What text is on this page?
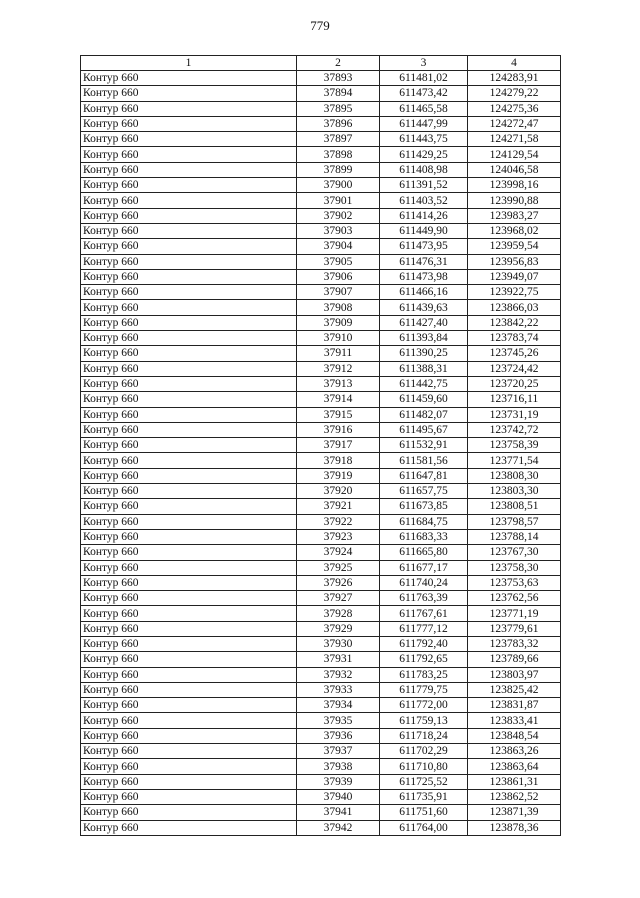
779
1	2	3	4
Контур 660	37893	611481,02	124283,91
Контур 660	37894	611473,42	124279,22
Контур 660	37895	611465,58	124275,36
Контур 660	37896	611447,99	124272,47
Контур 660	37897	611443,75	124271,58
Контур 660	37898	611429,25	124129,54
Контур 660	37899	611408,98	124046,58
Контур 660	37900	611391,52	123998,16
Контур 660	37901	611403,52	123990,88
Контур 660	37902	611414,26	123983,27
Контур 660	37903	611449,90	123968,02
Контур 660	37904	611473,95	123959,54
Контур 660	37905	611476,31	123956,83
Контур 660	37906	611473,98	123949,07
Контур 660	37907	611466,16	123922,75
Контур 660	37908	611439,63	123866,03
Контур 660	37909	611427,40	123842,22
Контур 660	37910	611393,84	123783,74
Контур 660	37911	611390,25	123745,26
Контур 660	37912	611388,31	123724,42
Контур 660	37913	611442,75	123720,25
Контур 660	37914	611459,60	123716,11
Контур 660	37915	611482,07	123731,19
Контур 660	37916	611495,67	123742,72
Контур 660	37917	611532,91	123758,39
Контур 660	37918	611581,56	123771,54
Контур 660	37919	611647,81	123808,30
Контур 660	37920	611657,75	123803,30
Контур 660	37921	611673,85	123808,51
Контур 660	37922	611684,75	123798,57
Контур 660	37923	611683,33	123788,14
Контур 660	37924	611665,80	123767,30
Контур 660	37925	611677,17	123758,30
Контур 660	37926	611740,24	123753,63
Контур 660	37927	611763,39	123762,56
Контур 660	37928	611767,61	123771,19
Контур 660	37929	611777,12	123779,61
Контур 660	37930	611792,40	123783,32
Контур 660	37931	611792,65	123789,66
Контур 660	37932	611783,25	123803,97
Контур 660	37933	611779,75	123825,42
Контур 660	37934	611772,00	123831,87
Контур 660	37935	611759,13	123833,41
Контур 660	37936	611718,24	123848,54
Контур 660	37937	611702,29	123863,26
Контур 660	37938	611710,80	123863,64
Контур 660	37939	611725,52	123861,31
Контур 660	37940	611735,91	123862,52
Контур 660	37941	611751,60	123871,39
Контур 660	37942	611764,00	123878,36
